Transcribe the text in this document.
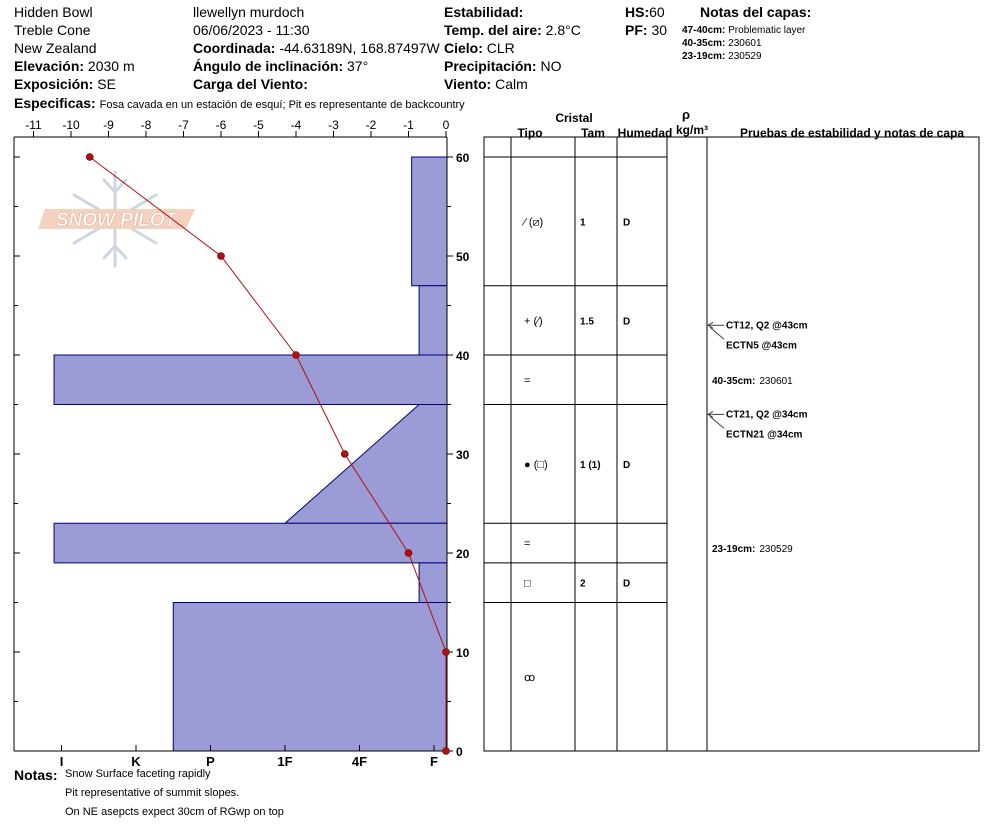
Hidden Bowl
Treble Cone
New Zealand
Elevación: 2030 m
Exposición: SE
llewellyn murdoch
06/06/2023 - 11:30
Coordinada: -44.63189N, 168.87497W
Ángulo de inclinación: 37°
Carga del Viento:
Estabilidad:
Temp. del aire: 2.8°C
Cielo: CLR
Precipitación: NO
Viento: Calm
HS:60
PF: 30
Notas del capas:
47-40cm: Problematic layer
40-35cm: 230601
23-19cm: 230529
Especificas: Fosa cavada en un estación de esquí; Pit es representante de backcountry
SNOW PILOT
-11 -10 -9 -8 -7 -6 -5 -4 -3 -2 -1 0
0
10
20
30
40
50
60
I	K	P	1F	4F	F
Cristal
Tipo	Tam Humedad
ρ
kg/m³	Pruebas de estabilidad y notas de capa
⁄ (⧄)	1	D
+ (⁄)	1.5	D
=
● (□)	1 (1) D
=
□	2	D
ꝏ
CT12, Q2 @43cm
ECTN5 @43cm
40-35cm: 230601
CT21, Q2 @34cm
ECTN21 @34cm
23-19cm: 230529
Notas: Snow Surface faceting rapidly
Pit representative of summit slopes.
On NE asepcts expect 30cm of RGwp on top
